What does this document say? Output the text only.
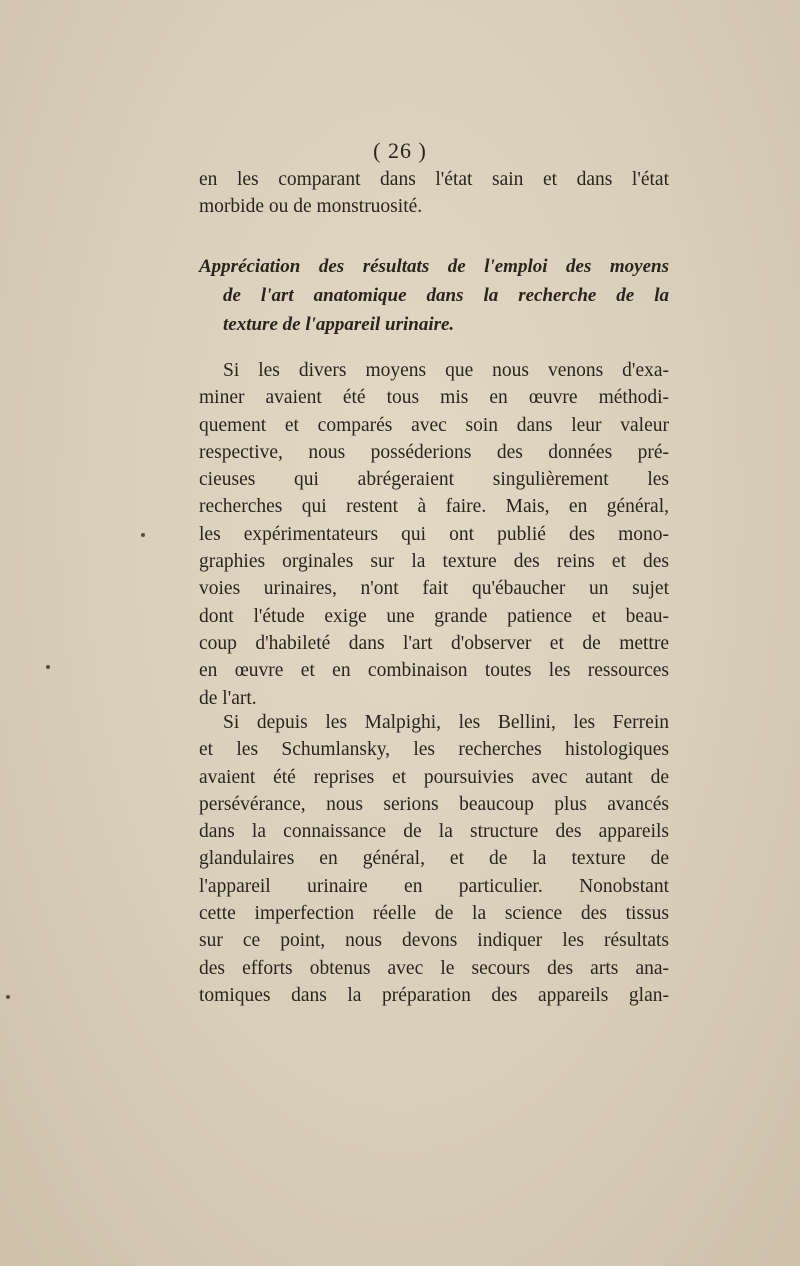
( 26 )
en les comparant dans l'état sain et dans l'état
morbide ou de monstruosité.
Appréciation des résultats de l'emploi des moyens
de l'art anatomique dans la recherche de la
texture de l'appareil urinaire.
Si les divers moyens que nous venons d'exa-
miner avaient été tous mis en œuvre méthodi-
quement et comparés avec soin dans leur valeur
respective, nous posséderions des données pré-
cieuses qui abrégeraient singulièrement les
recherches qui restent à faire. Mais, en général,
les expérimentateurs qui ont publié des mono-
graphies orginales sur la texture des reins et des
voies urinaires, n'ont fait qu'ébaucher un sujet
dont l'étude exige une grande patience et beau-
coup d'habileté dans l'art d'observer et de mettre
en œuvre et en combinaison toutes les ressources
de l'art.
Si depuis les Malpighi, les Bellini, les Ferrein
et les Schumlansky, les recherches histologiques
avaient été reprises et poursuivies avec autant de
persévérance, nous serions beaucoup plus avancés
dans la connaissance de la structure des appareils
glandulaires en général, et de la texture de
l'appareil urinaire en particulier. Nonobstant
cette imperfection réelle de la science des tissus
sur ce point, nous devons indiquer les résultats
des efforts obtenus avec le secours des arts ana-
tomiques dans la préparation des appareils glan-
